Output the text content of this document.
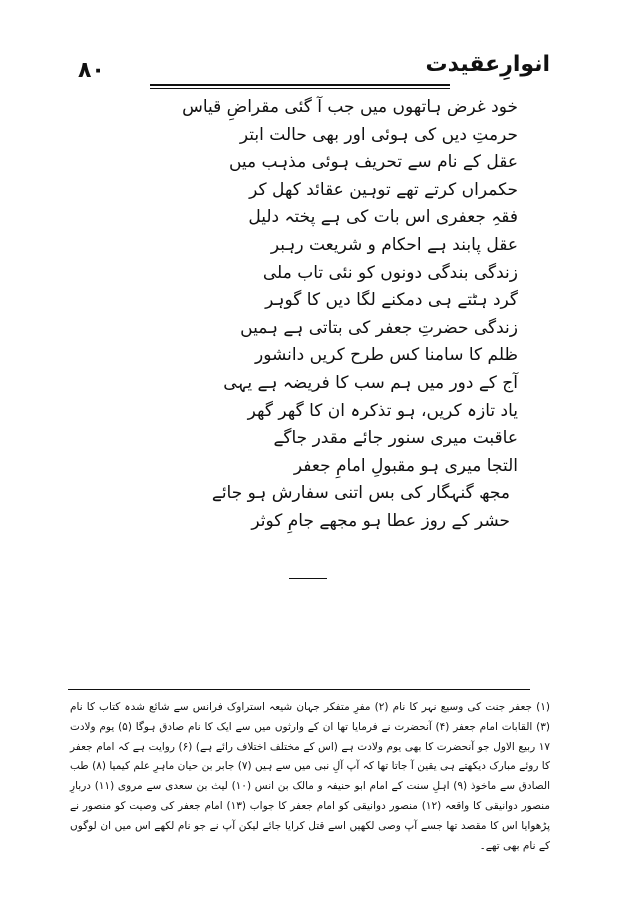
۸۰	انوارِعقیدت
خود غرض ہاتھوں میں جب آ گئی مقراضِ قیاس
حرمتِ دیں کی ہوئی اور بھی حالت ابتر
عقل کے نام سے تحریف ہوئی مذہب میں
حکمراں کرتے تھے توہین عقائد کھل کر
فقہِ جعفری اس بات کی ہے پختہ دلیل
عقل پابند ہے احکام و شریعت رہبر
زندگی بندگی دونوں کو نئی تاب ملی
گرد ہٹتے ہی دمکنے لگا دیں کا گوہر
زندگی حضرتِ جعفر کی بتاتی ہے ہمیں
ظلم کا سامنا کس طرح کریں دانشور
آج کے دور میں ہم سب کا فریضہ ہے یہی
یاد تازہ کریں، ہو تذکرہ ان کا گھر گھر
عاقبت میری سنور جائے مقدر جاگے
التجا میری ہو مقبولِ امامِ جعفر
مجھ گنہگار کی بس اتنی سفارش ہو جائے
حشر کے روز عطا ہو مجھے جامِ کوثر
(۱) جعفر جنت کی وسیع نہر کا نام (۲) مفرِ متفکر جہان شیعہ استراوک فرانس سے شائع شدہ کتاب کا نام (۳) القابات امام جعفر (۴) آنحضرت نے فرمایا تھا ان کے وارثوں میں سے ایک کا نام صادق ہوگا (۵) یوم ولادت ۱۷ ربیع الاول جو آنحضرت کا بھی یوم ولادت ہے (اس کے مختلف اختلاف رائے ہے) (۶) روایت ہے کہ امام جعفر کا روئے مبارک دیکھتے ہی یقین آ جاتا تھا کہ آپ آلِ نبی میں سے ہیں (۷) جابر بن حیان ماہرِ علم کیمیا (۸) طب الصادق سے ماخوذ (۹) اہلِ سنت کے امام ابو حنیفہ و مالک بن انس (۱۰) لیث بن سعدی سے مروی (۱۱) دربارِ منصور دوانیقی کا واقعہ (۱۲) منصور دوانیقی کو امام جعفر کا جواب (۱۳) امام جعفر کی وصیت کو منصور نے پڑھوایا اس کا مقصد تھا جسے آپ وصی لکھیں اسے قتل کرایا جائے لیکن آپ نے جو نام لکھے اس میں ان لوگوں کے نام بھی تھے۔
